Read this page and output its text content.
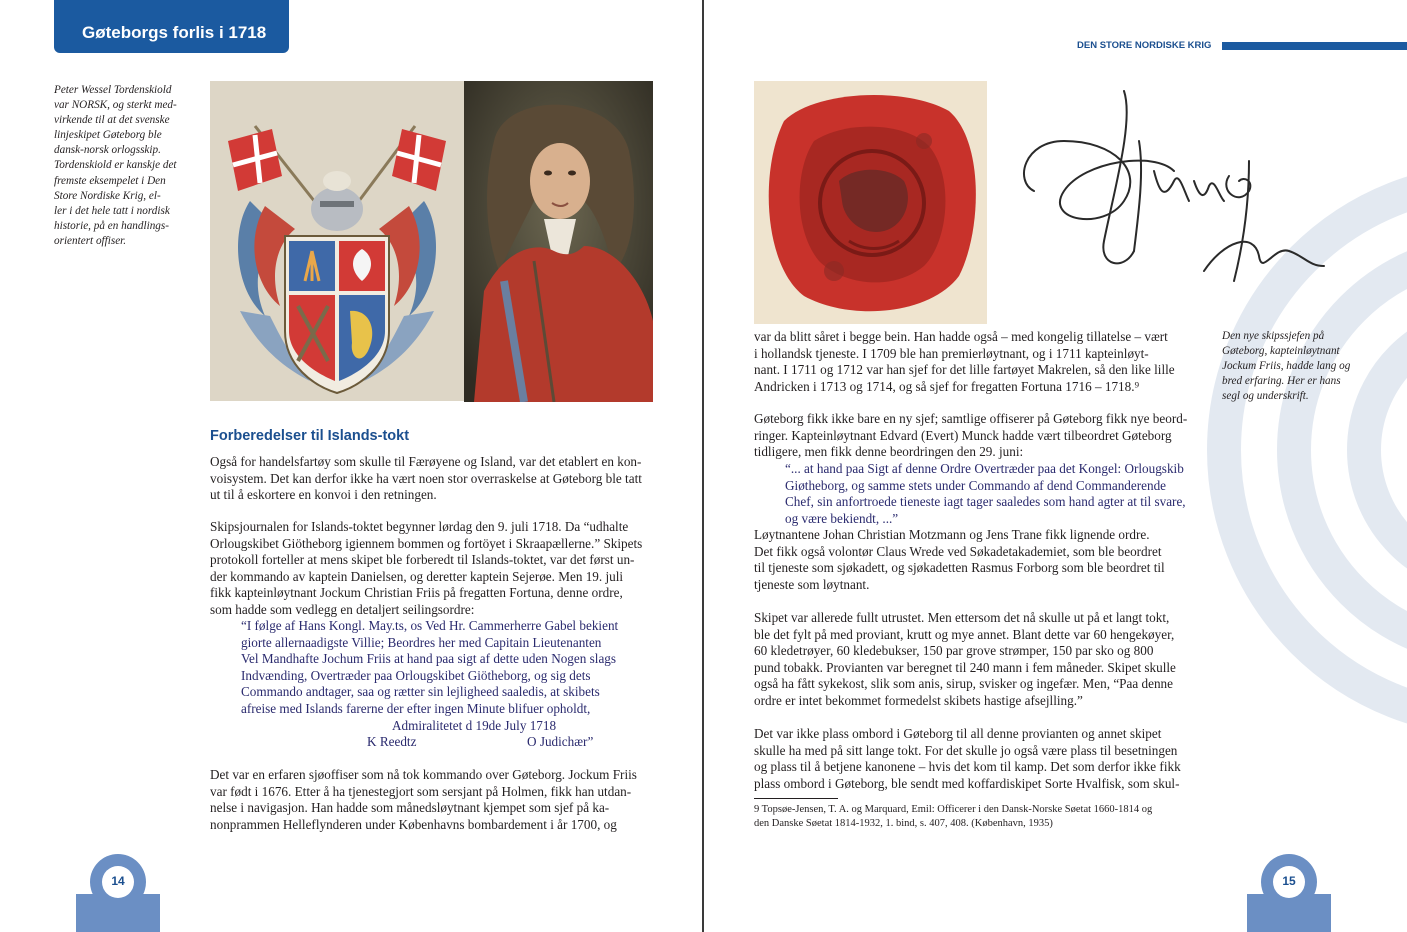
Gøteborgs forlis i 1718

Peter Wessel Tordenskiold

var NORSK, og sterkt med-

virkende til at det svenske

linjeskipet Gøteborg ble

dansk-norsk orlogsskip.

Tordenskiold er kanskje det

fremste eksempelet i Den

Store Nordiske Krig, el-

ler i det hele tatt i nordisk

historie, på en handlings-

orientert offiser.

Forberedelser til Islands-tokt

Også for handelsfartøy som skulle til Færøyene og Island, var det etablert en kon-

voisystem. Det kan derfor ikke ha vært noen stor overraskelse at Gøteborg ble tatt

ut til å eskortere en konvoi i den retningen.

Skipsjournalen for Islands-toktet begynner lørdag den 9. juli 1718. Da “udhalte

Orlougskibet Giötheborg igiennem bommen og fortöyet i Skraapællerne.” Skipets

protokoll forteller at mens skipet ble forberedt til Islands-toktet, var det først un-

der kommando av kaptein Danielsen, og deretter kaptein Sejerøe. Men 19. juli

fikk kapteinløytnant Jockum Christian Friis på fregatten Fortuna, denne ordre,

som hadde som vedlegg en detaljert seilingsordre:

“I følge af Hans Kongl. May.ts, os Ved Hr. Cammerherre Gabel bekient

giorte allernaadigste Villie; Beordres her med Capitain Lieutenanten

Vel Mandhafte Jochum Friis at hand paa sigt af dette uden Nogen slags

Indvænding, Overtræder paa Orlougskibet Giötheborg, og sig dets

Commando andtager, saa og rætter sin lejligheed saaledis, at skibets

afreise med Islands farerne der efter ingen Minute blifuer opholdt,

Admiralitetet d 19de July 1718
K Reedtz	O Judichær”

Det var en erfaren sjøoffiser som nå tok kommando over Gøteborg. Jockum Friis

var født i 1676. Etter å ha tjenestegjort som sersjant på Holmen, fikk han utdan-

nelse i navigasjon. Han hadde som månedsløytnant kjempet som sjef på ka-

nonprammen Helleflynderen under Københavns bombardement i år 1700, og

14
DEN STORE NORDISKE KRIG

Den nye skipssjefen på

Gøteborg, kapteinløytnant

Jockum Friis, hadde lang og

bred erfaring. Her er hans

segl og underskrift.

var da blitt såret i begge bein. Han hadde også – med kongelig tillatelse – vært

i hollandsk tjeneste. I 1709 ble han premierløytnant, og i 1711 kapteinløyt-

nant. I 1711 og 1712 var han sjef for det lille fartøyet Makrelen, så den like lille

Andricken i 1713 og 1714, og så sjef for fregatten Fortuna 1716 – 1718.⁹

Gøteborg fikk ikke bare en ny sjef; samtlige offiserer på Gøteborg fikk nye beord-

ringer. Kapteinløytnant Edvard (Evert) Munck hadde vært tilbeordret Gøteborg

tidligere, men fikk denne beordringen den 29. juni:

“... at hand paa Sigt af denne Ordre Overtræder paa det Kongel: Orlougskib

Giøtheborg, og samme stets under Commando af dend Commanderende

Chef, sin anfortroede tieneste iagt tager saaledes som hand agter at til svare,

og være bekiendt, ...”

Løytnantene Johan Christian Motzmann og Jens Trane fikk lignende ordre.

Det fikk også volontør Claus Wrede ved Søkadetakademiet, som ble beordret

til tjeneste som sjøkadett, og sjøkadetten Rasmus Forborg som ble beordret til

tjeneste som løytnant.

Skipet var allerede fullt utrustet. Men ettersom det nå skulle ut på et langt tokt,

ble det fylt på med proviant, krutt og mye annet. Blant dette var 60 hengekøyer,

60 kledetrøyer, 60 kledebukser, 150 par grove strømper, 150 par sko og 800

pund tobakk. Provianten var beregnet til 240 mann i fem måneder. Skipet skulle

også ha fått sykekost, slik som anis, sirup, svisker og ingefær. Men, “Paa denne

ordre er intet bekommet formedelst skibets hastige afsejlling.”

Det var ikke plass ombord i Gøteborg til all denne provianten og annet skipet

skulle ha med på sitt lange tokt. For det skulle jo også være plass til besetningen

og plass til å betjene kanonene – hvis det kom til kamp. Det som derfor ikke fikk

plass ombord i Gøteborg, ble sendt med koffardiskipet Sorte Hvalfisk, som skul-

9 Topsøe-Jensen, T. A. og Marquard, Emil: Officerer i den Dansk-Norske Søetat 1660-1814 og

den Danske Søetat 1814-1932, 1. bind, s. 407, 408. (København, 1935)

15
